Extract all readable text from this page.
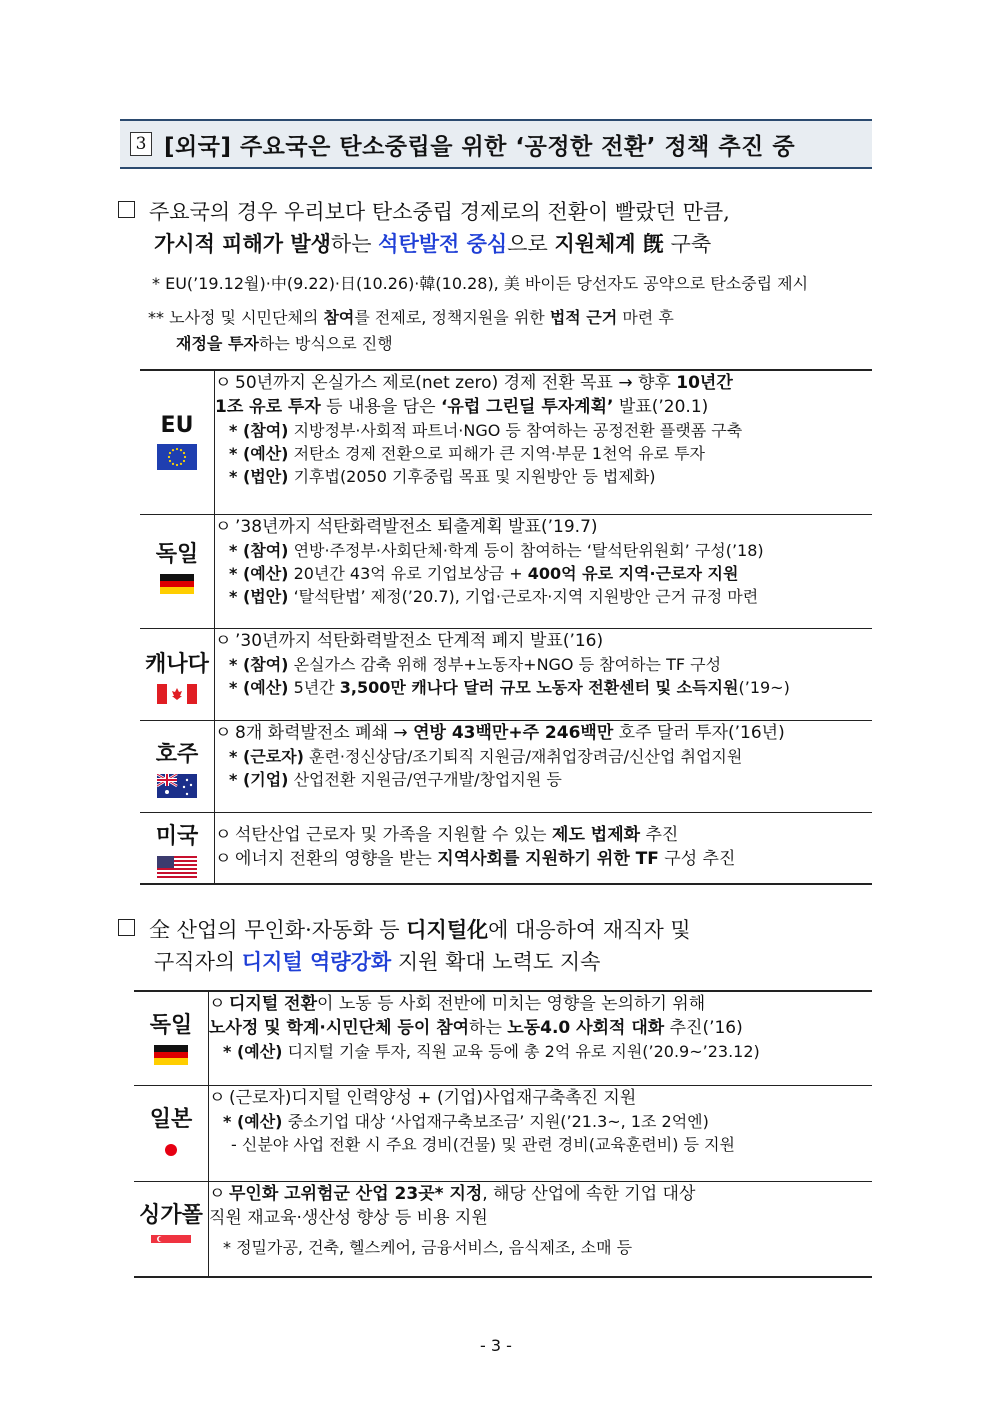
3 [외국] 주요국은 탄소중립을 위한 ‘공정한 전환’ 정책 추진 중
주요국의 경우 우리보다 탄소중립 경제로의 전환이 빨랐던 만큼,
가시적 피해가 발생하는 석탄발전 중심으로 지원체계 旣 구축
* EU(’19.12월)·中(9.22)·日(10.26)·韓(10.28), 美 바이든 당선자도 공약으로 탄소중립 제시
** 노사정 및 시민단체의 참여를 전제로, 정책지원을 위한 법적 근거 마련 후
재정을 투자하는 방식으로 진행
EU	ㅇ 50년까지 온실가스 제로(net zero) 경제 전환 목표 → 향후 10년간
1조 유로 투자 등 내용을 담은 ‘유럽 그린딜 투자계획’ 발표(’20.1)
* (참여) 지방정부·사회적 파트너·NGO 등 참여하는 공정전환 플랫폼 구축
* (예산) 저탄소 경제 전환으로 피해가 큰 지역·부문 1천억 유로 투자
* (법안) 기후법(2050 기후중립 목표 및 지원방안 등 법제화)

독일	ㅇ ’38년까지 석탄화력발전소 퇴출계획 발표(’19.7)
* (참여) 연방·주정부·사회단체·학계 등이 참여하는 ‘탈석탄위원회’ 구성(’18)
* (예산) 20년간 43억 유로 기업보상금 + 400억 유로 지역·근로자 지원
* (법안) ‘탈석탄법’ 제정(’20.7), 기업·근로자·지역 지원방안 근거 규정 마련

캐나다	ㅇ ’30년까지 석탄화력발전소 단계적 폐지 발표(’16)
* (참여) 온실가스 감축 위해 정부+노동자+NGO 등 참여하는 TF 구성
* (예산) 5년간 3,500만 캐나다 달러 규모 노동자 전환센터 및 소득지원(’19~)

호주	ㅇ 8개 화력발전소 폐쇄 → 연방 43백만+주 246백만 호주 달러 투자(’16년)
* (근로자) 훈련·정신상담/조기퇴직 지원금/재취업장려금/신산업 취업지원
* (기업) 산업전환 지원금/연구개발/창업지원 등

미국	ㅇ 석탄산업 근로자 및 가족을 지원할 수 있는 제도 법제화 추진
ㅇ 에너지 전환의 영향을 받는 지역사회를 지원하기 위한 TF 구성 추진
全 산업의 무인화·자동화 등 디지털化에 대응하여 재직자 및
구직자의 디지털 역량강화 지원 확대 노력도 지속
독일	ㅇ 디지털 전환이 노동 등 사회 전반에 미치는 영향을 논의하기 위해
노사정 및 학계·시민단체 등이 참여하는 노동4.0 사회적 대화 추진(’16)
* (예산) 디지털 기술 투자, 직원 교육 등에 총 2억 유로 지원(’20.9~’23.12)

일본	ㅇ (근로자)디지털 인력양성 + (기업)사업재구축촉진 지원
* (예산) 중소기업 대상 ‘사업재구축보조금’ 지원(’21.3~, 1조 2억엔)
- 신분야 사업 전환 시 주요 경비(건물) 및 관련 경비(교육훈련비) 등 지원

싱가폴	ㅇ 무인화 고위험군 산업 23곳* 지정, 해당 산업에 속한 기업 대상
직원 재교육·생산성 향상 등 비용 지원
* 정밀가공, 건축, 헬스케어, 금융서비스, 음식제조, 소매 등
- 3 -
